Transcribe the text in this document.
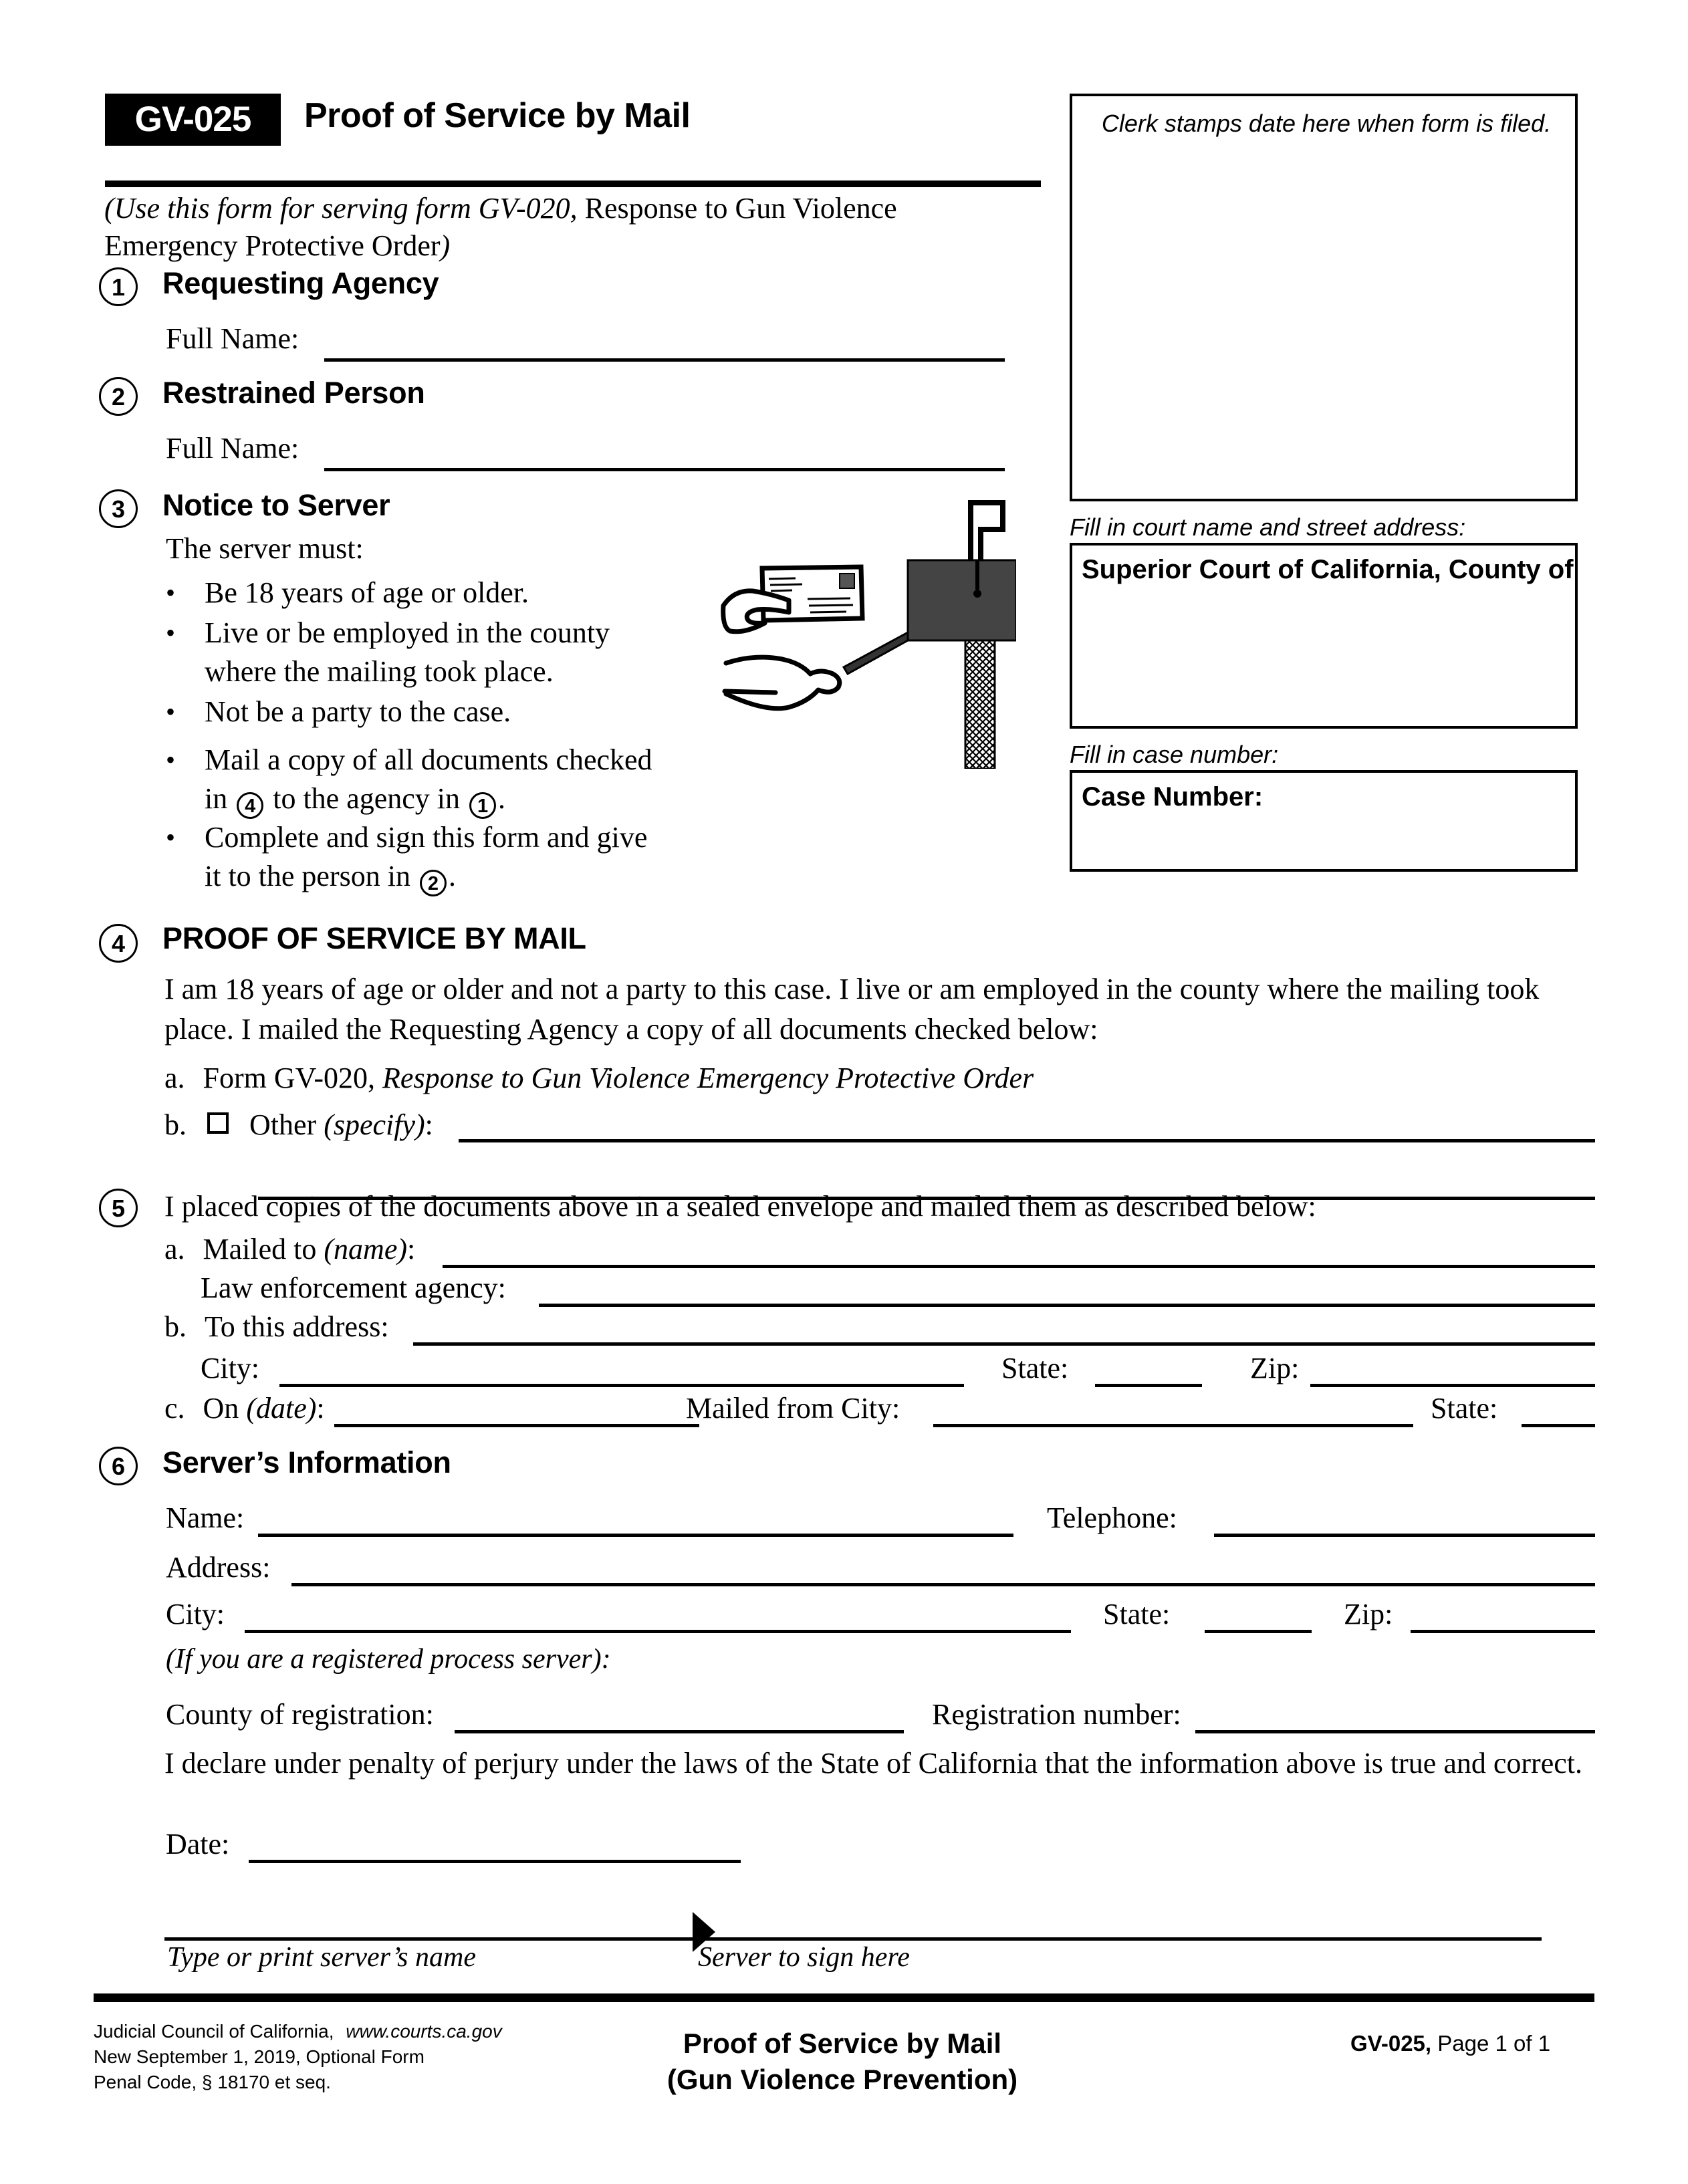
GV-025	Proof of Service by Mail
(Use this form for serving form GV-020, Response to Gun Violence Emergency Protective Order)
Clerk stamps date here when form is filed.
Fill in court name and street address:
Superior Court of California, County of
Fill in case number:
Case Number:
1	Requesting Agency
Full Name:
2	Restrained Person
Full Name:
3	Notice to Server
The server must:
• Be 18 years of age or older.
• Live or be employed in the county where the mailing took place.
• Not be a party to the case.
• Mail a copy of all documents checked
in 4 to the agency in 1 .
• Complete and sign this form and give
it to the person in 2 .
4	PROOF OF SERVICE BY MAIL
I am 18 years of age or older and not a party to this case. I live or am employed in the county where the mailing took place. I mailed the Requesting Agency a copy of all documents checked below:
a. Form GV-020, Response to Gun Violence Emergency Protective Order
b. Other (specify):
5	I placed copies of the documents above in a sealed envelope and mailed them as described below:
a. Mailed to (name):
Law enforcement agency:
b. To this address:
City:	State:	Zip:
c. On (date):	Mailed from City:	State:
6	Server’s Information
Name:	Telephone:
Address:
City:	State:	Zip:
(If you are a registered process server):
County of registration:	Registration number:
I declare under penalty of perjury under the laws of the State of California that the information above is true and correct.
Date:
Type or print server’s name	Server to sign here
Judicial Council of California, www.courts.ca.gov
New September 1, 2019, Optional Form
Penal Code, § 18170 et seq.
Proof of Service by Mail
(Gun Violence Prevention)
GV-025, Page 1 of 1
